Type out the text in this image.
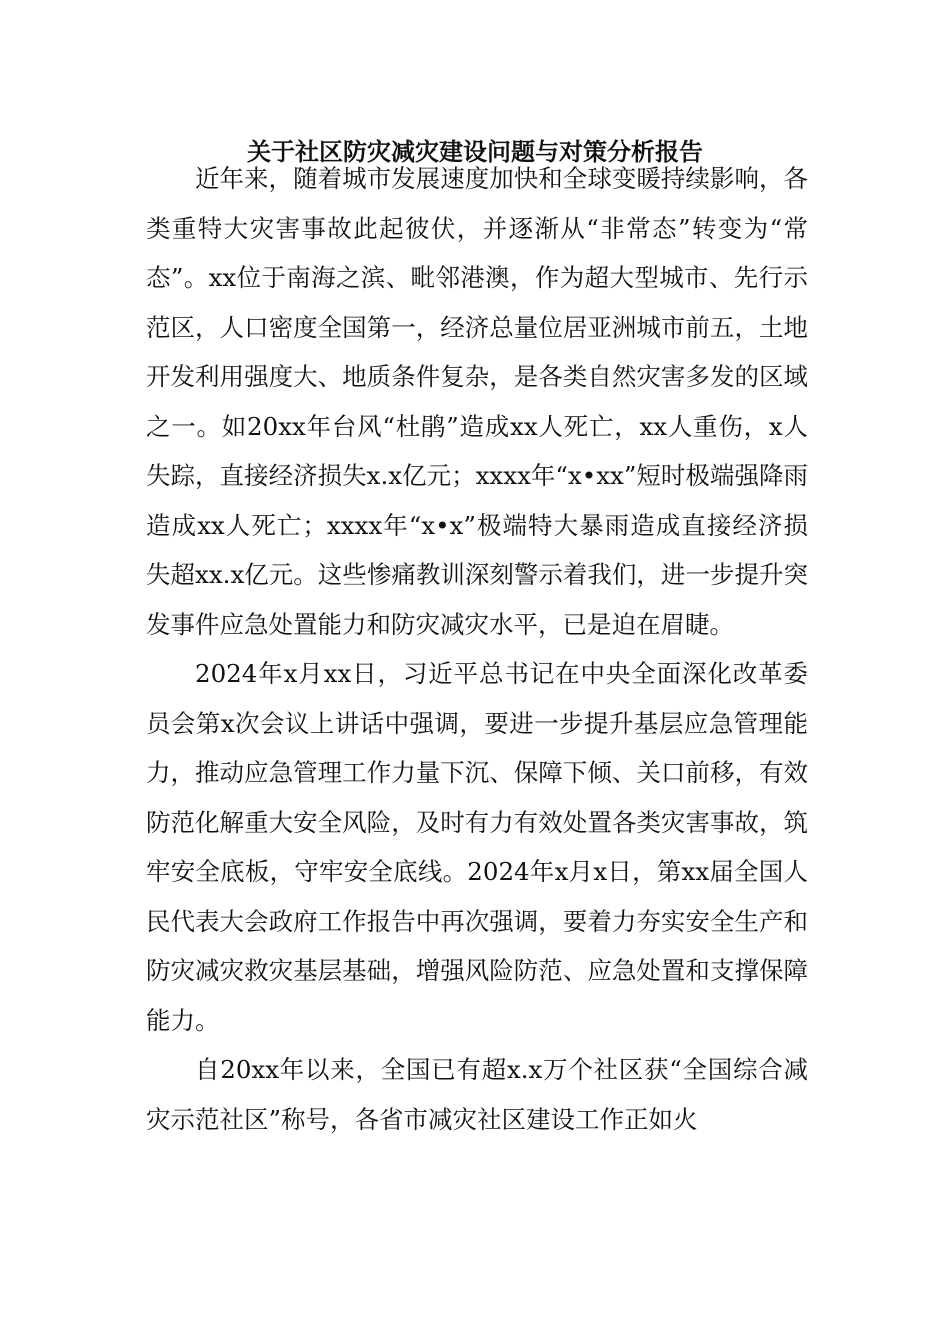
关于社区防灾减灾建设问题与对策分析报告

近年来，随着城市发展速度加快和全球变暖持续影响，各类重特大灾害事故此起彼伏，并逐渐从“非常态”转变为“常态”。xx位于南海之滨、毗邻港澳，作为超大型城市、先行示范区，人口密度全国第一，经济总量位居亚洲城市前五，土地开发利用强度大、地质条件复杂，是各类自然灾害多发的区域之一。如20xx年台风“杜鹃”造成xx人死亡，xx人重伤，x人失踪，直接经济损失x.x亿元；xxxx年“x•xx”短时极端强降雨造成xx人死亡；xxxx年“x•x”极端特大暴雨造成直接经济损失超xx.x亿元。这些惨痛教训深刻警示着我们，进一步提升突发事件应急处置能力和防灾减灾水平，已是迫在眉睫。

2024年x月xx日，习近平总书记在中央全面深化改革委员会第x次会议上讲话中强调，要进一步提升基层应急管理能力，推动应急管理工作力量下沉、保障下倾、关口前移，有效防范化解重大安全风险，及时有力有效处置各类灾害事故，筑牢安全底板，守牢安全底线。2024年x月x日，第xx届全国人民代表大会政府工作报告中再次强调，要着力夯实安全生产和防灾减灾救灾基层基础，增强风险防范、应急处置和支撑保障能力。

自20xx年以来，全国已有超x.x万个社区获“全国综合减灾示范社区”称号，各省市减灾社区建设工作正如火
